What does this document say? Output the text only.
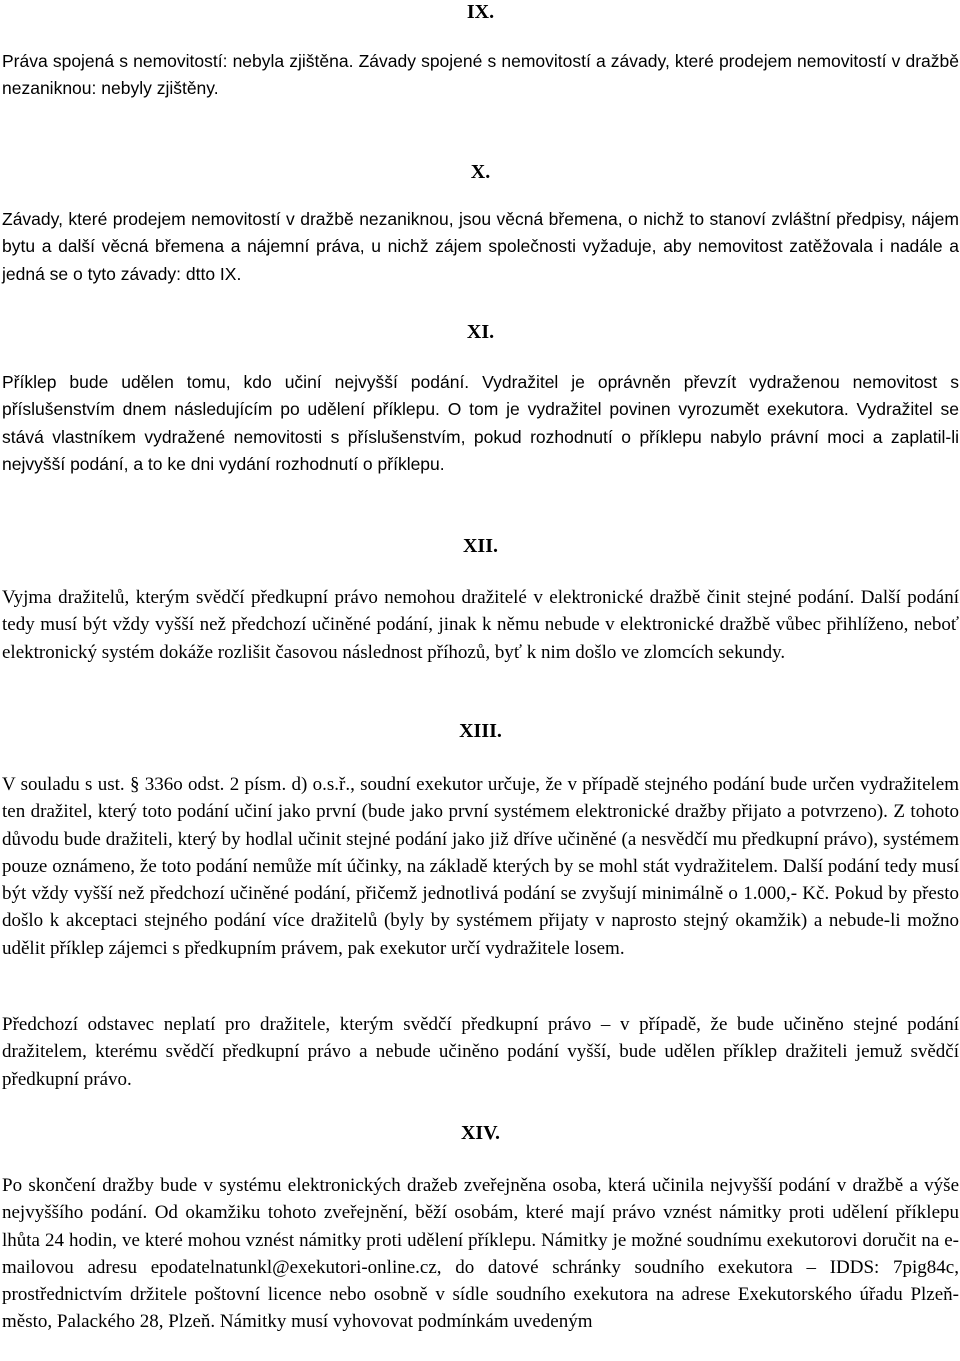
IX.

Práva spojená s nemovitostí: nebyla zjištěna. Závady spojené s nemovitostí a závady, které prodejem nemovitostí v dražbě nezaniknou: nebyly zjištěny.

X.

Závady, které prodejem nemovitostí v dražbě nezaniknou, jsou věcná břemena, o nichž to stanoví zvláštní předpisy, nájem bytu a další věcná břemena a nájemní práva, u nichž zájem společnosti vyžaduje, aby nemovitost zatěžovala i nadále a jedná se o tyto závady: dtto IX.

XI.

Příklep bude udělen tomu, kdo učiní nejvyšší podání. Vydražitel je oprávněn převzít vydraženou nemovitost s příslušenstvím dnem následujícím po udělení příklepu. O tom je vydražitel povinen vyrozumět exekutora. Vydražitel se stává vlastníkem vydražené nemovitosti s příslušenstvím, pokud rozhodnutí o příklepu nabylo právní moci a zaplatil-li nejvyšší podání, a to ke dni vydání rozhodnutí o příklepu.

XII.

Vyjma dražitelů, kterým svědčí předkupní právo nemohou dražitelé v elektronické dražbě činit stejné podání. Další podání tedy musí být vždy vyšší než předchozí učiněné podání, jinak k němu nebude v elektronické dražbě vůbec přihlíženo, neboť elektronický systém dokáže rozlišit časovou následnost příhozů, byť k nim došlo ve zlomcích sekundy.

XIII.

V souladu s ust. § 336o odst. 2 písm. d) o.s.ř., soudní exekutor určuje, že v případě stejného podání bude určen vydražitelem ten dražitel, který toto podání učiní jako první (bude jako první systémem elektronické dražby přijato a potvrzeno). Z tohoto důvodu bude dražiteli, který by hodlal učinit stejné podání jako již dříve učiněné (a nesvědčí mu předkupní právo), systémem pouze oznámeno, že toto podání nemůže mít účinky, na základě kterých by se mohl stát vydražitelem. Další podání tedy musí být vždy vyšší než předchozí učiněné podání, přičemž jednotlivá podání se zvyšují minimálně o 1.000,- Kč. Pokud by přesto došlo k akceptaci stejného podání více dražitelů (byly by systémem přijaty v naprosto stejný okamžik) a nebude-li možno udělit příklep zájemci s předkupním právem, pak exekutor určí vydražitele losem.

Předchozí odstavec neplatí pro dražitele, kterým svědčí předkupní právo – v případě, že bude učiněno stejné podání dražitelem, kterému svědčí předkupní právo a nebude učiněno podání vyšší, bude udělen příklep dražiteli jemuž svědčí předkupní právo.

XIV.

Po skončení dražby bude v systému elektronických dražeb zveřejněna osoba, která učinila nejvyšší podání v dražbě a výše nejvyššího podání. Od okamžiku tohoto zveřejnění, běží osobám, které mají právo vznést námitky proti udělení příklepu lhůta 24 hodin, ve které mohou vznést námitky proti udělení příklepu. Námitky je možné soudnímu exekutorovi doručit na e-mailovou adresu epodatelnatunkl@exekutori-online.cz, do datové schránky soudního exekutora – IDDS: 7pig84c, prostřednictvím držitele poštovní licence nebo osobně v sídle soudního exekutora na adrese Exekutorského úřadu Plzeň-město, Palackého 28, Plzeň. Námitky musí vyhovovat podmínkám uvedeným
